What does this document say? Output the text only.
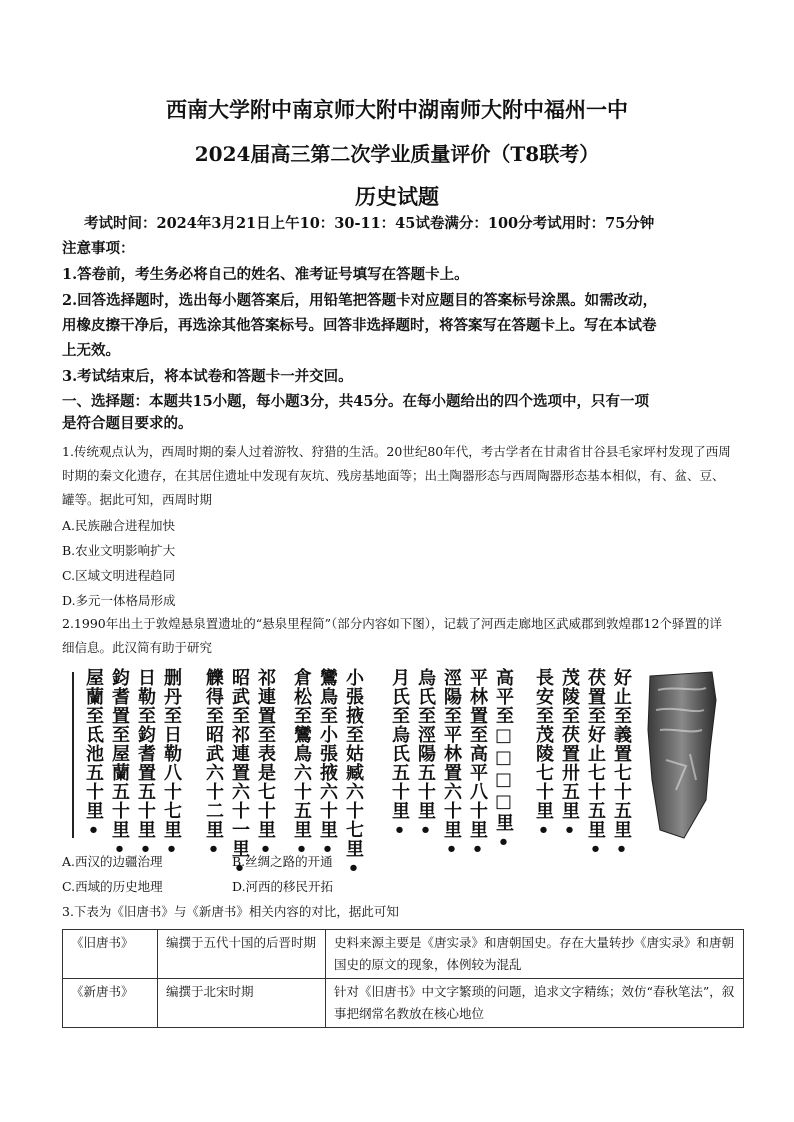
西南大学附中南京师大附中湖南师大附中福州一中
2024届高三第二次学业质量评价（T8联考）
历史试题
考试时间：2024年3月21日上午10：30-11：45试卷满分：100分考试用时：75分钟
注意事项：
1.答卷前，考生务必将自己的姓名、准考证号填写在答题卡上。
2.回答选择题时，选出每小题答案后，用铅笔把答题卡对应题目的答案标号涂黑。如需改动，
用橡皮擦干净后，再选涂其他答案标号。回答非选择题时，将答案写在答题卡上。写在本试卷
上无效。
3.考试结束后，将本试卷和答题卡一并交回。
一、选择题：本题共15小题，每小题3分，共45分。在每小题给出的四个选项中，只有一项
是符合题目要求的。
1.传统观点认为，西周时期的秦人过着游牧、狩猎的生活。20世纪80年代，考古学者在甘肃省甘谷县毛家坪村发现了西周时期的秦文化遗存，在其居住遗址中发现有灰坑、残房基地面等；出土陶器形态与西周陶器形态基本相似，有、盆、豆、罐等。据此可知，西周时期
A.民族融合进程加快
B.农业文明影响扩大
C.区域文明进程趋同
D.多元一体格局形成
2.1990年出土于敦煌悬泉置遗址的“悬泉里程简”（部分内容如下图），记载了河西走廊地区武威郡到敦煌郡12个驿置的详细信息。此汉简有助于研究
屋蘭至氐池五十里• 鈞耆置至屋蘭五十里• 日勒至鈞耆置五十里• 删丹至日勒八十七里• 觻得至昭武六十二里• 昭武至祁連置六十一里• 祁連置至表是七十里• 倉松至鸞鳥六十五里• 鸞鳥至小張掖六十里• 小張掖至姑臧六十七里• 月氏至烏氏五十里• 烏氏至涇陽五十里• 涇陽至平林置六十里• 平林置至高平八十里• 高平至□□□□里• 長安至茂陵七十里• 茂陵至茯置卅五里• 茯置至好止七十五里• 好止至義置七十五里•
A.西汉的边疆治理	B.丝绸之路的开通
C.西域的历史地理	D.河西的移民开拓
3.下表为《旧唐书》与《新唐书》相关内容的对比，据此可知
《旧唐书》	编撰于五代十国的后晋时期	史料来源主要是《唐实录》和唐朝国史。存在大量转抄《唐实录》和唐朝国史的原文的现象，体例较为混乱
《新唐书》	编撰于北宋时期	针对《旧唐书》中文字繁琐的问题，追求文字精练；效仿“春秋笔法”，叙事把纲常名教放在核心地位
